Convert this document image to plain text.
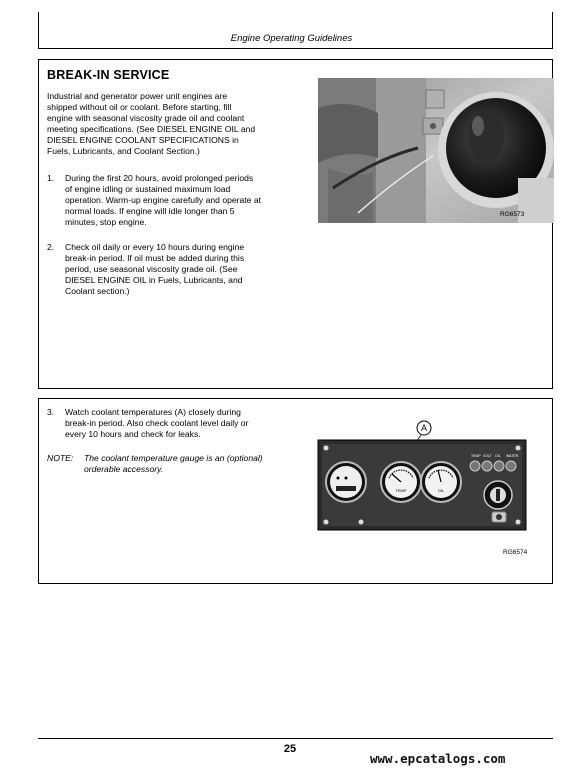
Engine Operating Guidelines
BREAK-IN SERVICE
Industrial and generator power unit engines are
shipped without oil or coolant. Before starting, fill
engine with seasonal viscosity grade oil and coolant
meeting specifications. (See DIESEL ENGINE OIL and
DIESEL ENGINE COOLANT SPECIFICATIONS in
Fuels, Lubricants, and Coolant Section.)
1. During the first 20 hours, avoid prolonged periods
of engine idling or sustained maximum load
operation. Warm-up engine carefully and operate at
normal loads. If engine will idle longer than 5
minutes, stop engine.
2. Check oil daily or every 10 hours during engine
break-in period. If oil must be added during this
period, use seasonal viscosity grade oil. (See
DIESEL ENGINE OIL in Fuels, Lubricants, and
Coolant section.)
RG6573
3. Watch coolant temperatures (A) closely during
break-in period. Also check coolant level daily or
every 10 hours and check for leaks.
NOTE: The coolant temperature gauge is an (optional)
orderable accessory.
A
TEMP	OIL
TEMP VOLT OIL WATER
RG6574
25
www.epcatalogs.com
